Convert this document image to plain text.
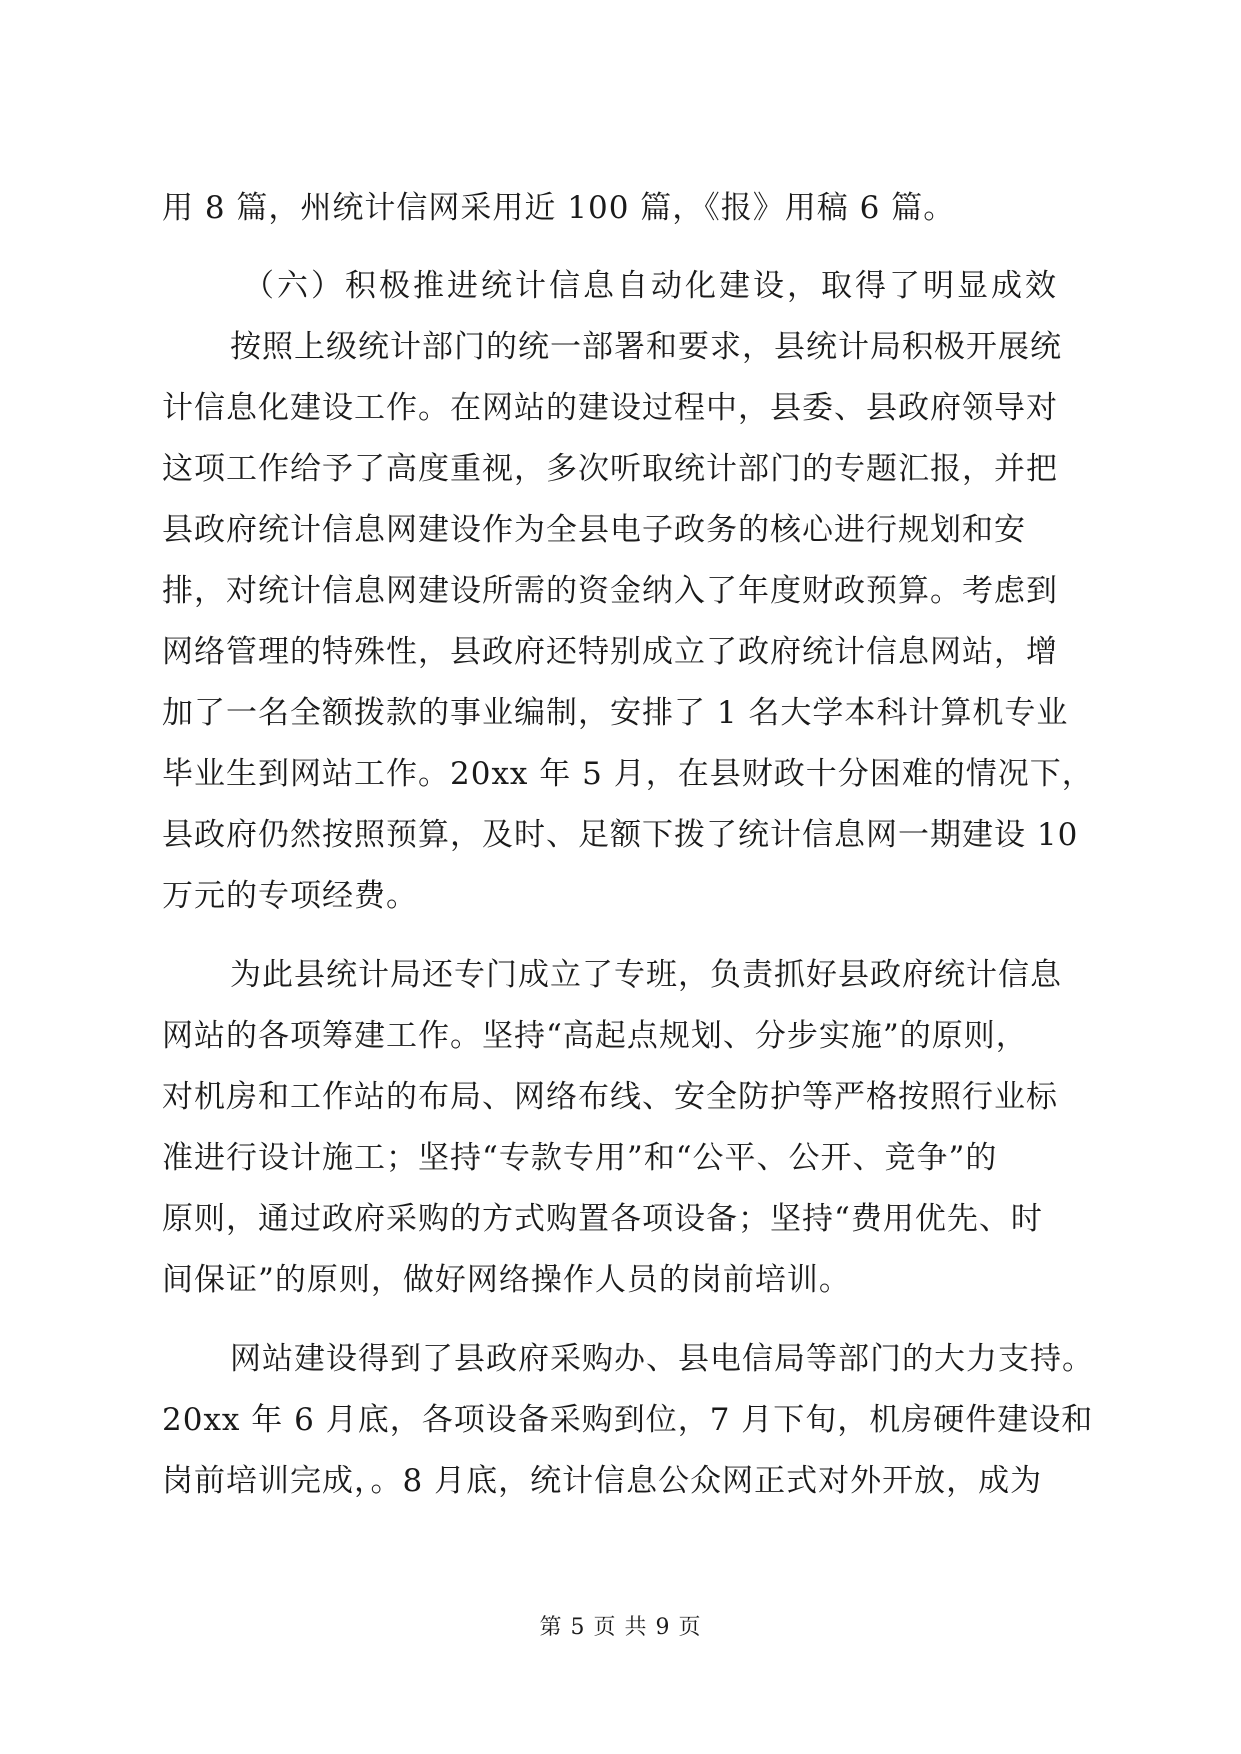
用 8 篇，州统计信网采用近 100 篇，《报》用稿 6 篇。
（六）积极推进统计信息自动化建设，取得了明显成效
按照上级统计部门的统一部署和要求，县统计局积极开展统
计信息化建设工作。在网站的建设过程中，县委、县政府领导对
这项工作给予了高度重视，多次听取统计部门的专题汇报，并把
县政府统计信息网建设作为全县电子政务的核心进行规划和安
排，对统计信息网建设所需的资金纳入了年度财政预算。考虑到
网络管理的特殊性，县政府还特别成立了政府统计信息网站，增
加了一名全额拨款的事业编制，安排了 1 名大学本科计算机专业
毕业生到网站工作。20xx 年 5 月，在县财政十分困难的情况下，
县政府仍然按照预算，及时、足额下拨了统计信息网一期建设 10
万元的专项经费。
为此县统计局还专门成立了专班，负责抓好县政府统计信息
网站的各项筹建工作。坚持“高起点规划、分步实施”的原则，
对机房和工作站的布局、网络布线、安全防护等严格按照行业标
准进行设计施工；坚持“专款专用”和“公平、公开、竞争”的
原则，通过政府采购的方式购置各项设备；坚持“费用优先、时
间保证”的原则，做好网络操作人员的岗前培训。
网站建设得到了县政府采购办、县电信局等部门的大力支持。
20xx 年 6 月底，各项设备采购到位，7 月下旬，机房硬件建设和
岗前培训完成，。8 月底，统计信息公众网正式对外开放，成为
第 5 页 共 9 页
